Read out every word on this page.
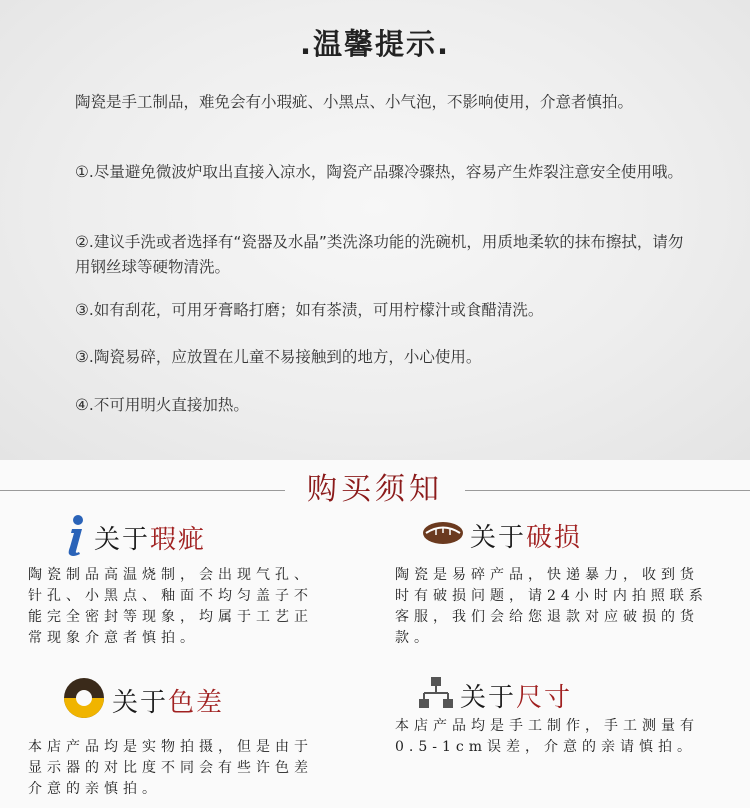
.温馨提示.

陶瓷是手工制品，难免会有小瑕疵、小黑点、小气泡，不影响使用，介意者慎拍。

①.尽量避免微波炉取出直接入凉水，陶瓷产品骤冷骤热，容易产生炸裂注意安全使用哦。

②.建议手洗或者选择有“瓷器及水晶”类洗涤功能的洗碗机，用质地柔软的抹布擦拭，请勿用钢丝球等硬物清洗。

③.如有刮花，可用牙膏略打磨；如有茶渍，可用柠檬汁或食醋清洗。

③.陶瓷易碎，应放置在儿童不易接触到的地方，小心使用。

④.不可用明火直接加热。

购买须知
关于 瑕疵

陶瓷制品高温烧制，会出现气孔、针孔、小黑点、釉面不均匀盖子不能完全密封等现象，均属于工艺正常现象介意者慎拍。

关于 破损

陶瓷是易碎产品，快递暴力，收到货时有破损问题，请24小时内拍照联系客服，我们会给您退款对应破损的货款。

关于 色差

本店产品均是实物拍摄，但是由于显示器的对比度不同会有些许色差介意的亲慎拍。

关于 尺寸

本店产品均是手工制作，手工测量有0.5-1cm误差，介意的亲请慎拍。
